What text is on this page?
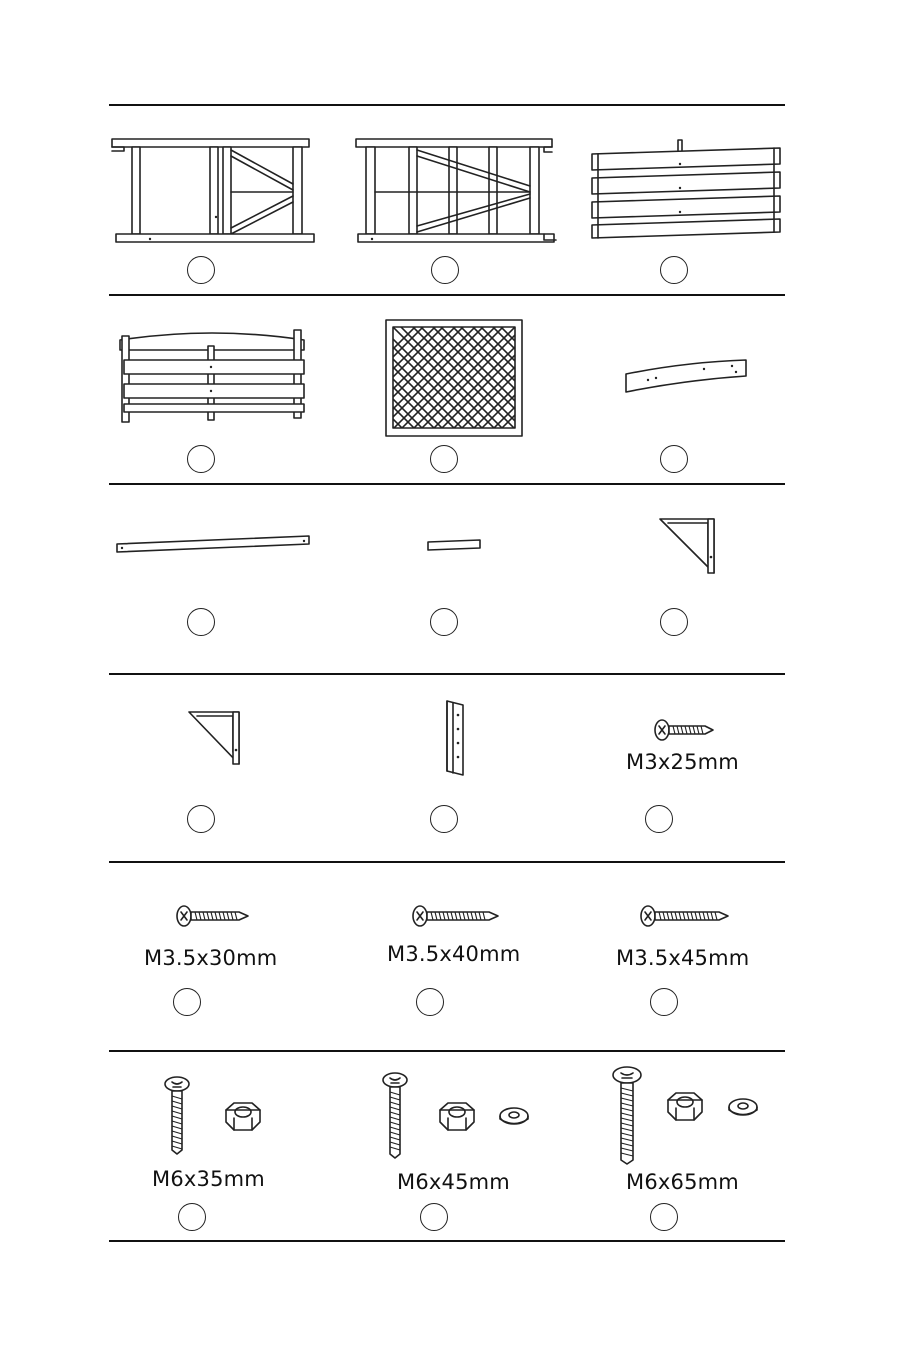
M3x25mm
M3.5x30mm	M3.5x40mm	M3.5x45mm
M6x35mm	M6x45mm	M6x65mm
